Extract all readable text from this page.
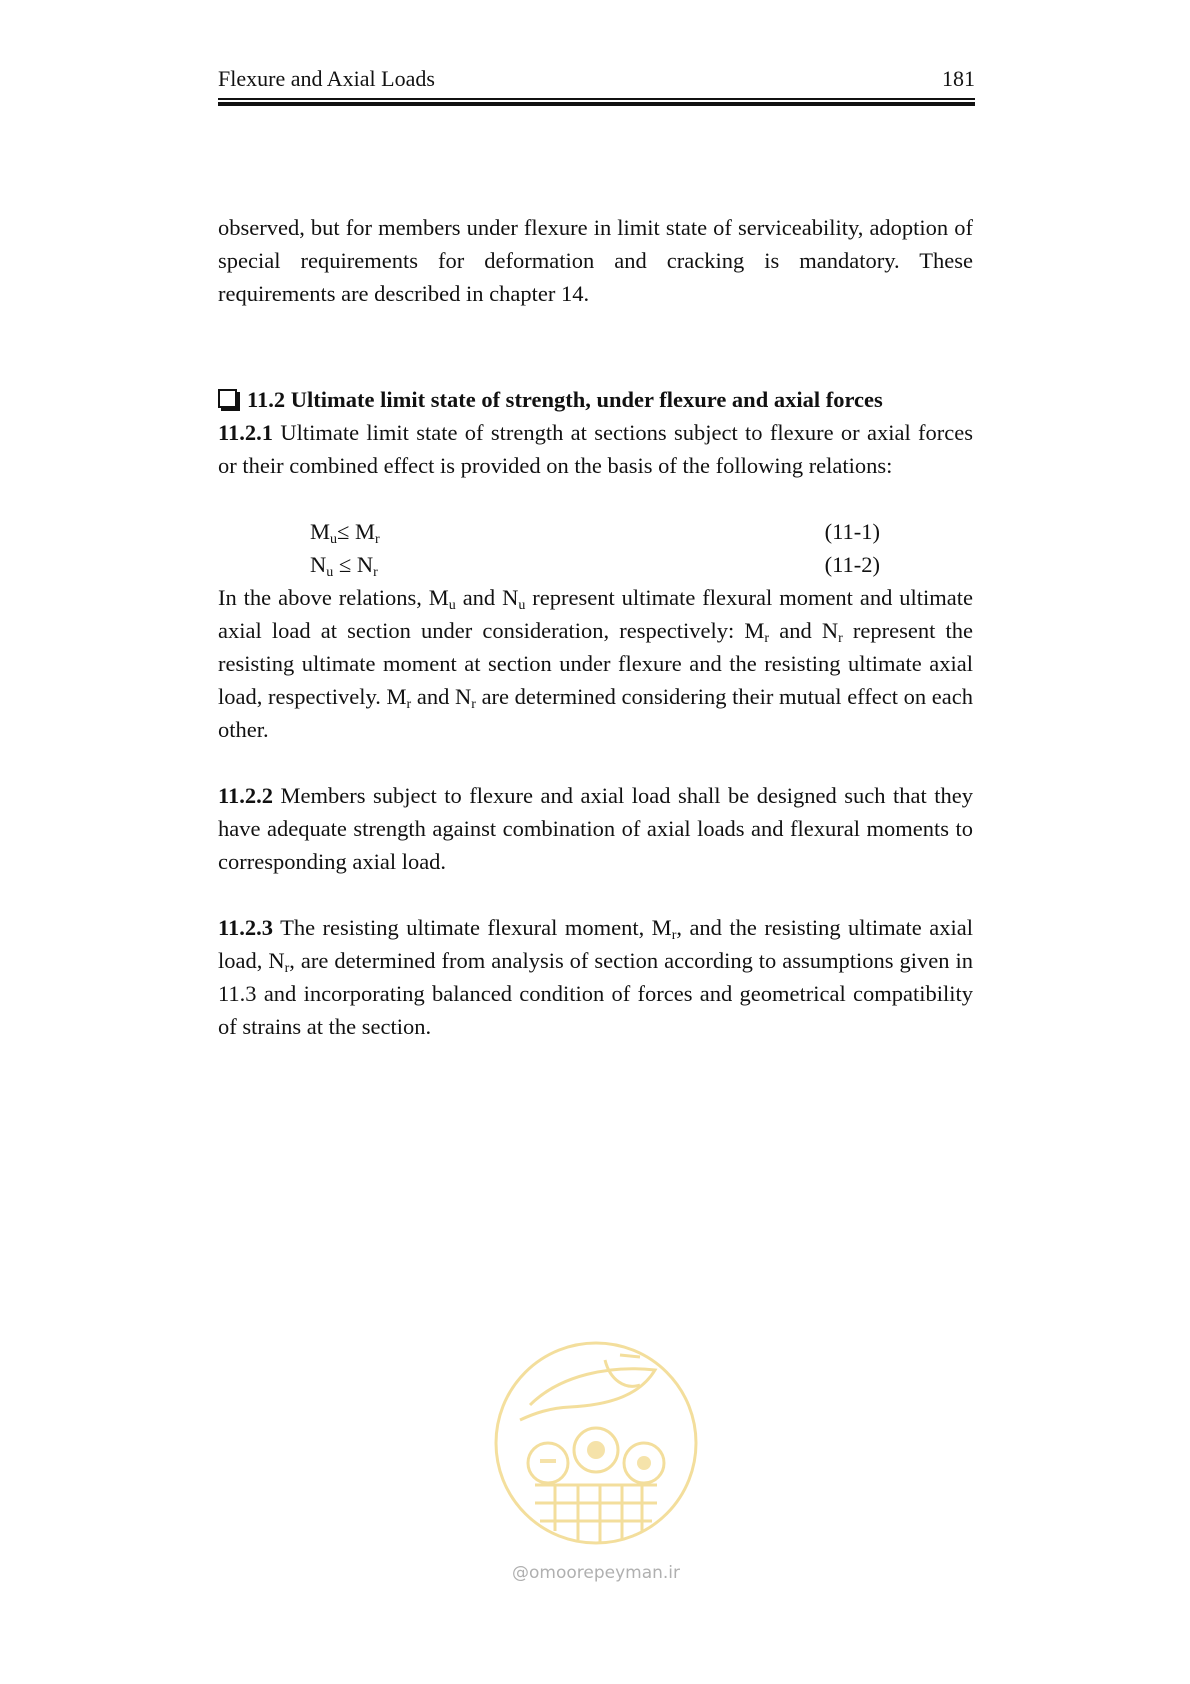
Flexure and Axial Loads	181
observed, but for members under flexure in limit state of serviceability, adoption of special requirements for deformation and cracking is mandatory. These requirements are described in chapter 14.
11.2 Ultimate limit state of strength, under flexure and axial forces
11.2.1 Ultimate limit state of strength at sections subject to flexure or axial forces or their combined effect is provided on the basis of the following relations:
$M_u\le M_r$	(11-1)
$N_u \le N_r$	(11-2)
In the above relations, $M_u$ and $N_u$ represent ultimate flexural moment and ultimate axial load at section under consideration, respectively: $M_r$ and $N_r$ represent the resisting ultimate moment at section under flexure and the resisting ultimate axial load, respectively. $M_r$ and $N_r$ are determined considering their mutual effect on each other.
11.2.2 Members subject to flexure and axial load shall be designed such that they have adequate strength against combination of axial loads and flexural moments to corresponding axial load.
11.2.3 The resisting ultimate flexural moment, $M_r$, and the resisting ultimate axial load, $N_r$, are determined from analysis of section according to assumptions given in 11.3 and incorporating balanced condition of forces and geometrical compatibility of strains at the section.
@omoorepeyman.ir
